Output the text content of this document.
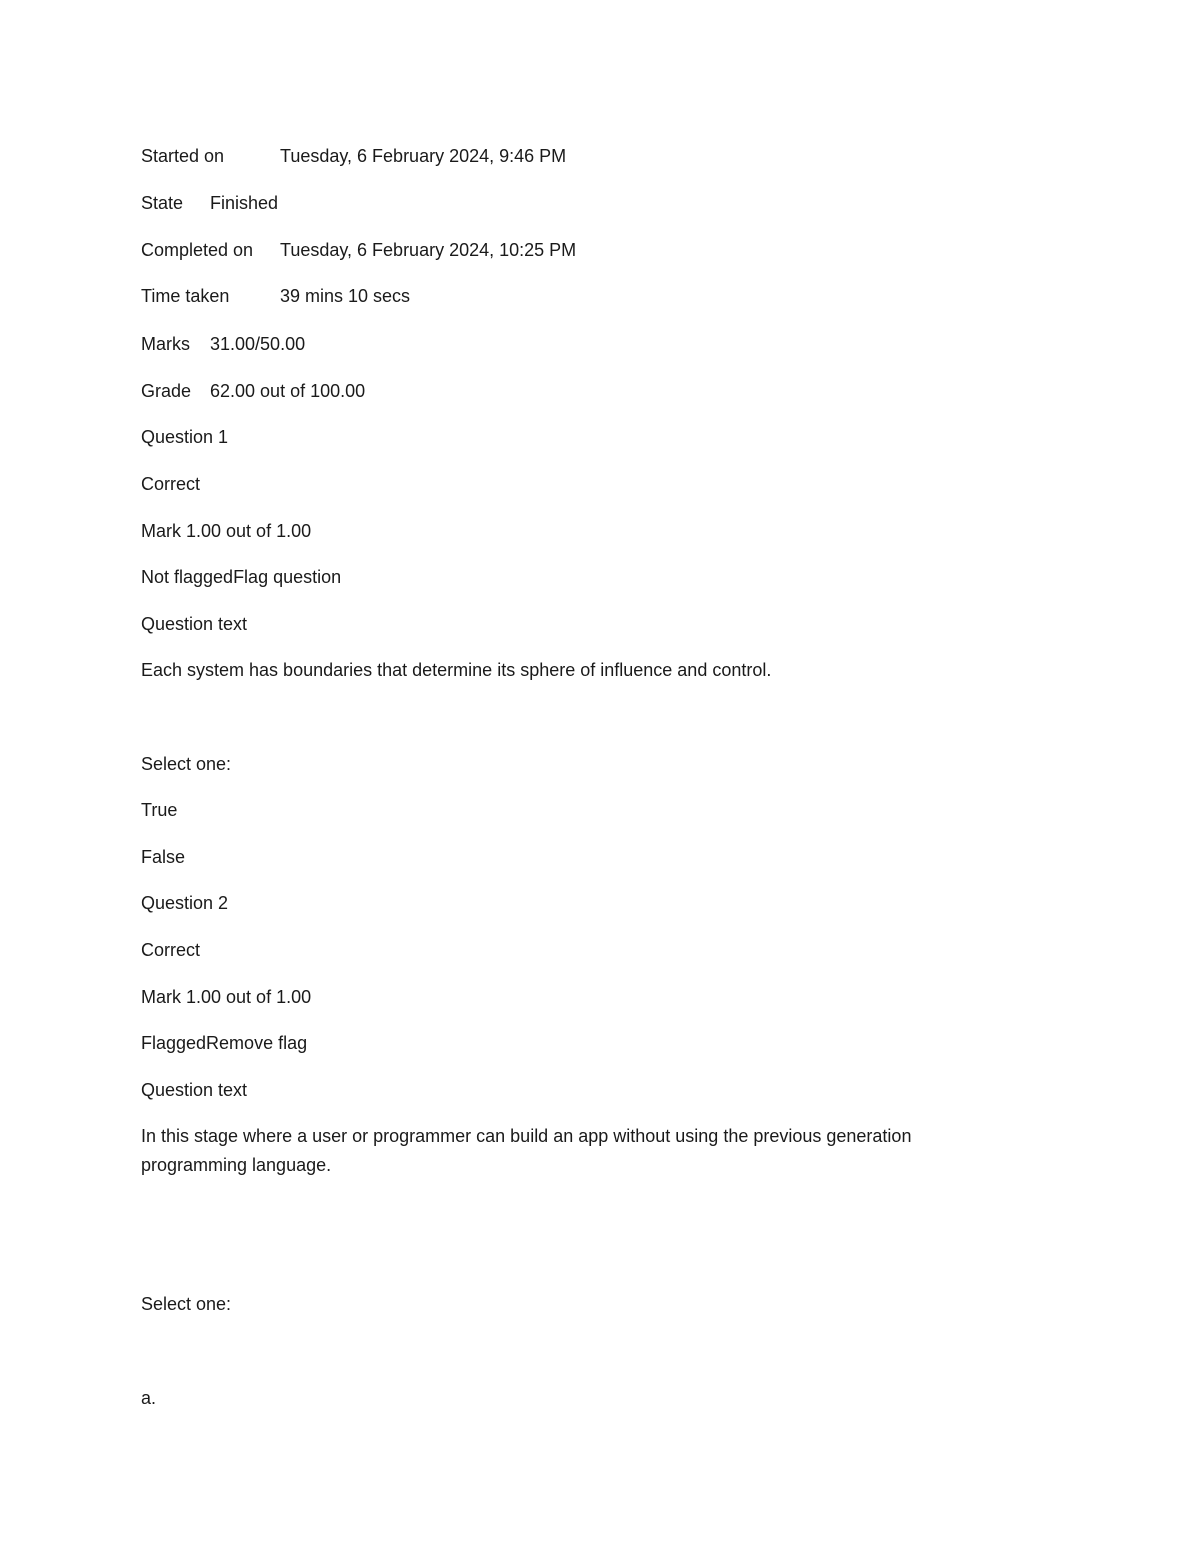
Started on	Tuesday, 6 February 2024, 9:46 PM
State Finished
Completed on Tuesday, 6 February 2024, 10:25 PM
Time taken	39 mins 10 secs
Marks 31.00/50.00
Grade 62.00 out of 100.00
Question 1
Correct
Mark 1.00 out of 1.00
Not flaggedFlag question
Question text
Each system has boundaries that determine its sphere of influence and control.
Select one:
True
False
Question 2
Correct
Mark 1.00 out of 1.00
FlaggedRemove flag
Question text
In this stage where a user or programmer can build an app without using the previous generation programming language.
Select one:
a.
